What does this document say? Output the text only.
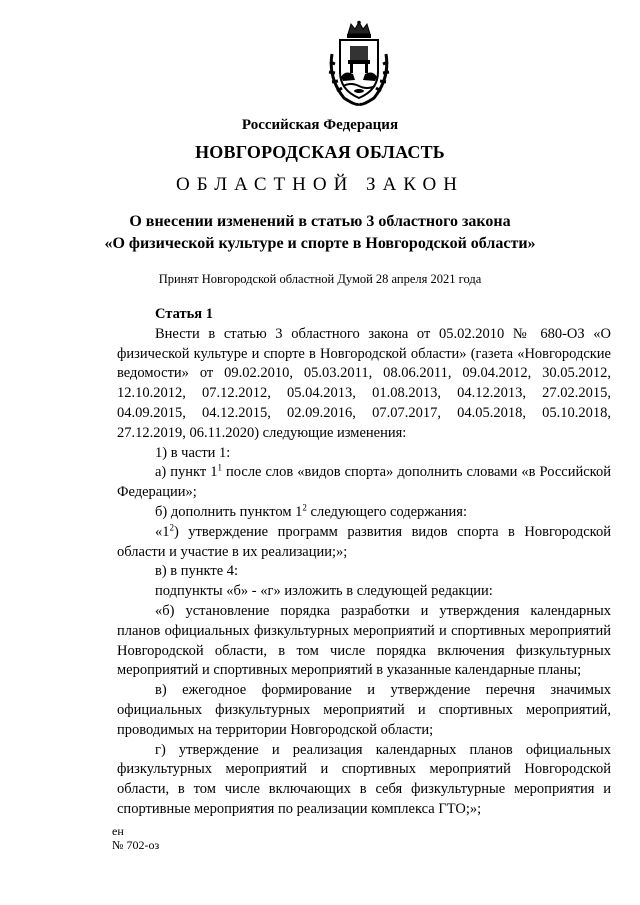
Российская Федерация
НОВГОРОДСКАЯ ОБЛАСТЬ
ОБЛАСТНОЙ ЗАКОН
О внесении изменений в статью 3 областного закона
«О физической культуре и спорте в Новгородской области»
Принят Новгородской областной Думой 28 апреля 2021 года

Статья 1

Внести в статью 3 областного закона от 05.02.2010 № 680-ОЗ «О физической культуре и спорте в Новгородской области» (газета «Новгородские ведомости» от 09.02.2010, 05.03.2011, 08.06.2011, 09.04.2012, 30.05.2012, 12.10.2012, 07.12.2012, 05.04.2013, 01.08.2013, 04.12.2013, 27.02.2015, 04.09.2015, 04.12.2015, 02.09.2016, 07.07.2017, 04.05.2018, 05.10.2018, 27.12.2019, 06.11.2020) следующие изменения:

1) в части 1:

а) пункт $1^1$ после слов «видов спорта» дополнить словами «в Российской Федерации»;

б) дополнить пунктом $1^2$ следующего содержания:

«$1^2$) утверждение программ развития видов спорта в Новгородской области и участие в их реализации;»;

в) в пункте 4:

подпункты «б» - «г» изложить в следующей редакции:

«б) установление порядка разработки и утверждения календарных планов официальных физкультурных мероприятий и спортивных мероприятий Новгородской области, в том числе порядка включения физкультурных мероприятий и спортивных мероприятий в указанные календарные планы;

в) ежегодное формирование и утверждение перечня значимых официальных физкультурных мероприятий и спортивных мероприятий, проводимых на территории Новгородской области;

г) утверждение и реализация календарных планов официальных физкультурных мероприятий и спортивных мероприятий Новгородской области, в том числе включающих в себя физкультурные мероприятия и спортивные мероприятия по реализации комплекса ГТО;»;

ен
№ 702-оз
